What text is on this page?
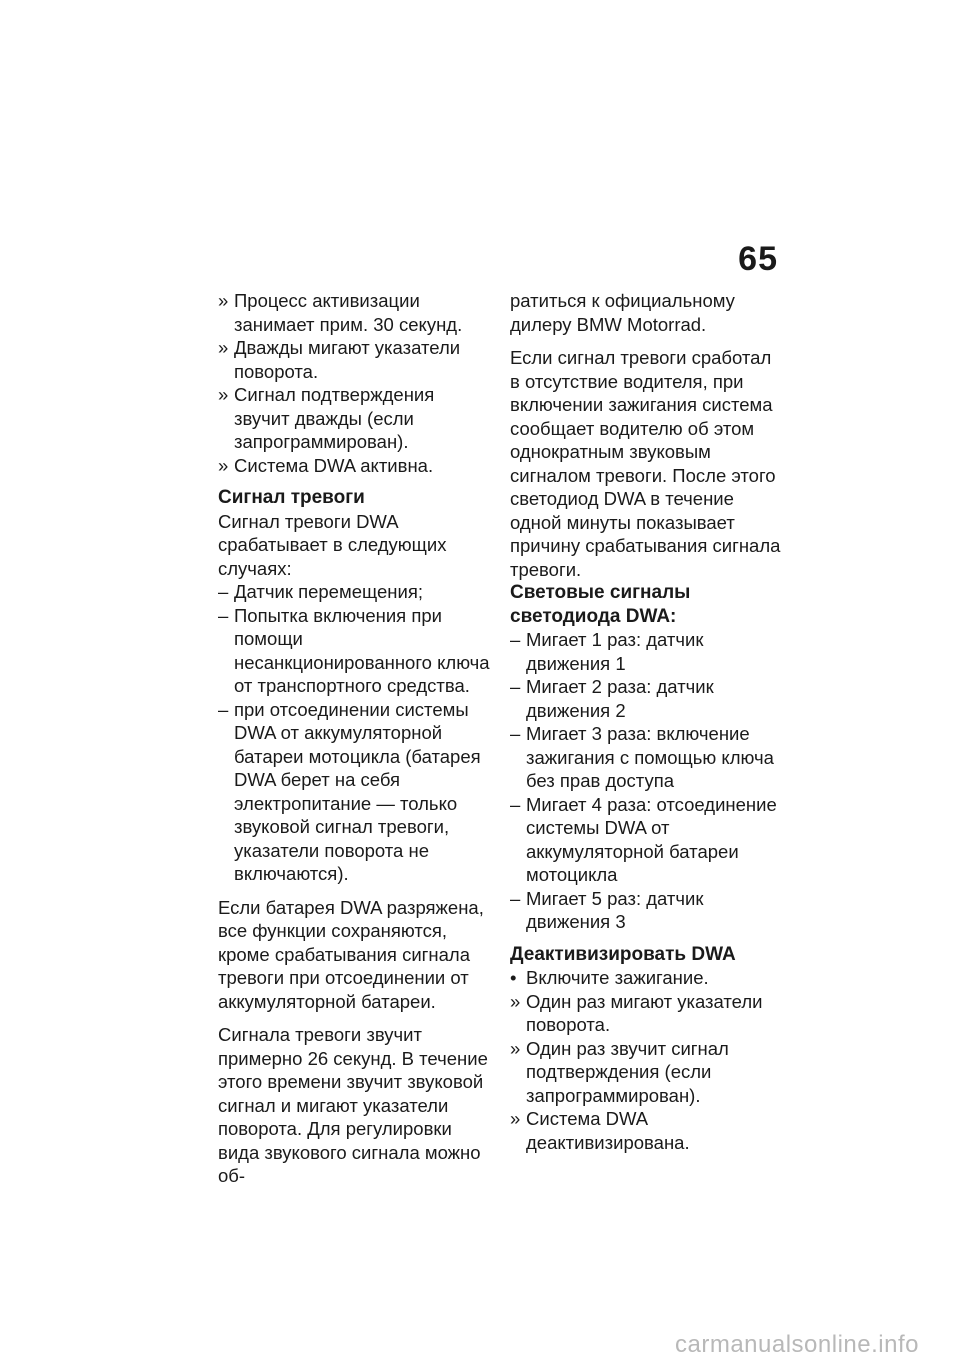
65
» Процесс активизации занимает прим. 30 секунд.
» Дважды мигают указатели поворота.
» Сигнал подтверждения звучит дважды (если запрограммирован).
» Система DWA активна.
Сигнал тревоги
Сигнал тревоги DWA срабатывает в следующих случаях:
– Датчик перемещения;
– Попытка включения при помощи несанкционированного ключа от транспортного средства.
– при отсоединении системы DWA от аккумуляторной батареи мотоцикла (батарея DWA берет на себя электропитание — только звуковой сигнал тревоги, указатели поворота не включаются).
Если батарея DWA разряжена, все функции сохраняются, кроме срабатывания сигнала тревоги при отсоединении от аккумуляторной батареи.
Сигнала тревоги звучит примерно 26 секунд. В течение этого времени звучит звуковой сигнал и мигают указатели поворота. Для регулировки вида звукового сигнала можно об-
ратиться к официальному дилеру BMW Motorrad.
Если сигнал тревоги сработал в отсутствие водителя, при включении зажигания система сообщает водителю об этом однократным звуковым сигналом тревоги. После этого светодиод DWA в течение одной минуты показывает причину срабатывания сигнала тревоги.
Световые сигналы светодиода DWA:
– Мигает 1 раз: датчик движения 1
– Мигает 2 раза: датчик движения 2
– Мигает 3 раза: включение зажигания с помощью ключа без прав доступа
– Мигает 4 раза: отсоединение системы DWA от аккумуляторной батареи мотоцикла
– Мигает 5 раз: датчик движения 3
Деактивизировать DWA
• Включите зажигание.
» Один раз мигают указатели поворота.
» Один раз звучит сигнал подтверждения (если запрограммирован).
» Система DWA деактивизирована.
carmanualsonline.info
